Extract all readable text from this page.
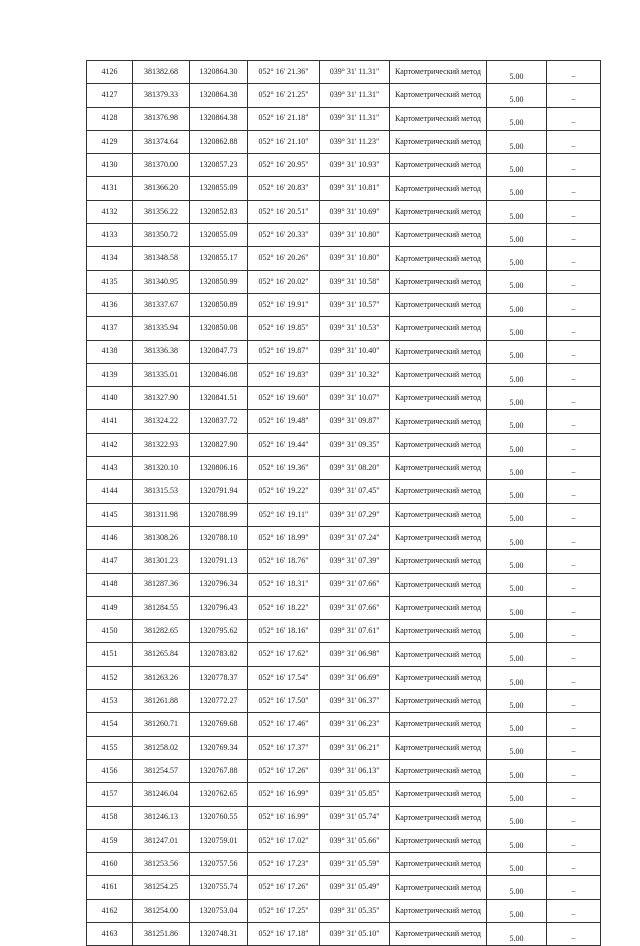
4126	381382.68	1320864.30	052° 16' 21.36"	039° 31' 11.31"	Картометрический метод	5.00	–
4127	381379.33	1320864.38	052° 16' 21.25"	039° 31' 11.31"	Картометрический метод	5.00	–
4128	381376.98	1320864.38	052° 16' 21.18"	039° 31' 11.31"	Картометрический метод	5.00	–
4129	381374.64	1320862.88	052° 16' 21.10"	039° 31' 11.23"	Картометрический метод	5.00	–
4130	381370.00	1320857.23	052° 16' 20.95"	039° 31' 10.93"	Картометрический метод	5.00	–
4131	381366.20	1320855.09	052° 16' 20.83"	039° 31' 10.81"	Картометрический метод	5.00	–
4132	381356.22	1320852.83	052° 16' 20.51"	039° 31' 10.69"	Картометрический метод	5.00	–
4133	381350.72	1320855.09	052° 16' 20.33"	039° 31' 10.80"	Картометрический метод	5.00	–
4134	381348.58	1320855.17	052° 16' 20.26"	039° 31' 10.80"	Картометрический метод	5.00	–
4135	381340.95	1320850.99	052° 16' 20.02"	039° 31' 10.58"	Картометрический метод	5.00	–
4136	381337.67	1320850.89	052° 16' 19.91"	039° 31' 10.57"	Картометрический метод	5.00	–
4137	381335.94	1320850.08	052° 16' 19.85"	039° 31' 10.53"	Картометрический метод	5.00	–
4138	381336.38	1320847.73	052° 16' 19.87"	039° 31' 10.40"	Картометрический метод	5.00	–
4139	381335.01	1320846.08	052° 16' 19.83"	039° 31' 10.32"	Картометрический метод	5.00	–
4140	381327.90	1320841.51	052° 16' 19.60"	039° 31' 10.07"	Картометрический метод	5.00	–
4141	381324.22	1320837.72	052° 16' 19.48"	039° 31' 09.87"	Картометрический метод	5.00	–
4142	381322.93	1320827.90	052° 16' 19.44"	039° 31' 09.35"	Картометрический метод	5.00	–
4143	381320.10	1320806.16	052° 16' 19.36"	039° 31' 08.20"	Картометрический метод	5.00	–
4144	381315.53	1320791.94	052° 16' 19.22"	039° 31' 07.45"	Картометрический метод	5.00	–
4145	381311.98	1320788.99	052° 16' 19.11"	039° 31' 07.29"	Картометрический метод	5.00	–
4146	381308.26	1320788.10	052° 16' 18.99"	039° 31' 07.24"	Картометрический метод	5.00	–
4147	381301.23	1320791.13	052° 16' 18.76"	039° 31' 07.39"	Картометрический метод	5.00	–
4148	381287.36	1320796.34	052° 16' 18.31"	039° 31' 07.66"	Картометрический метод	5.00	–
4149	381284.55	1320796.43	052° 16' 18.22"	039° 31' 07.66"	Картометрический метод	5.00	–
4150	381282.65	1320795.62	052° 16' 18.16"	039° 31' 07.61"	Картометрический метод	5.00	–
4151	381265.84	1320783.82	052° 16' 17.62"	039° 31' 06.98"	Картометрический метод	5.00	–
4152	381263.26	1320778.37	052° 16' 17.54"	039° 31' 06.69"	Картометрический метод	5.00	–
4153	381261.88	1320772.27	052° 16' 17.50"	039° 31' 06.37"	Картометрический метод	5.00	–
4154	381260.71	1320769.68	052° 16' 17.46"	039° 31' 06.23"	Картометрический метод	5.00	–
4155	381258.02	1320769.34	052° 16' 17.37"	039° 31' 06.21"	Картометрический метод	5.00	–
4156	381254.57	1320767.88	052° 16' 17.26"	039° 31' 06.13"	Картометрический метод	5.00	–
4157	381246.04	1320762.65	052° 16' 16.99"	039° 31' 05.85"	Картометрический метод	5.00	–
4158	381246.13	1320760.55	052° 16' 16.99"	039° 31' 05.74"	Картометрический метод	5.00	–
4159	381247.01	1320759.01	052° 16' 17.02"	039° 31' 05.66"	Картометрический метод	5.00	–
4160	381253.56	1320757.56	052° 16' 17.23"	039° 31' 05.59"	Картометрический метод	5.00	–
4161	381254.25	1320755.74	052° 16' 17.26"	039° 31' 05.49"	Картометрический метод	5.00	–
4162	381254.00	1320753.04	052° 16' 17.25"	039° 31' 05.35"	Картометрический метод	5.00	–
4163	381251.86	1320748.31	052° 16' 17.18"	039° 31' 05.10"	Картометрический метод	5.00	–
